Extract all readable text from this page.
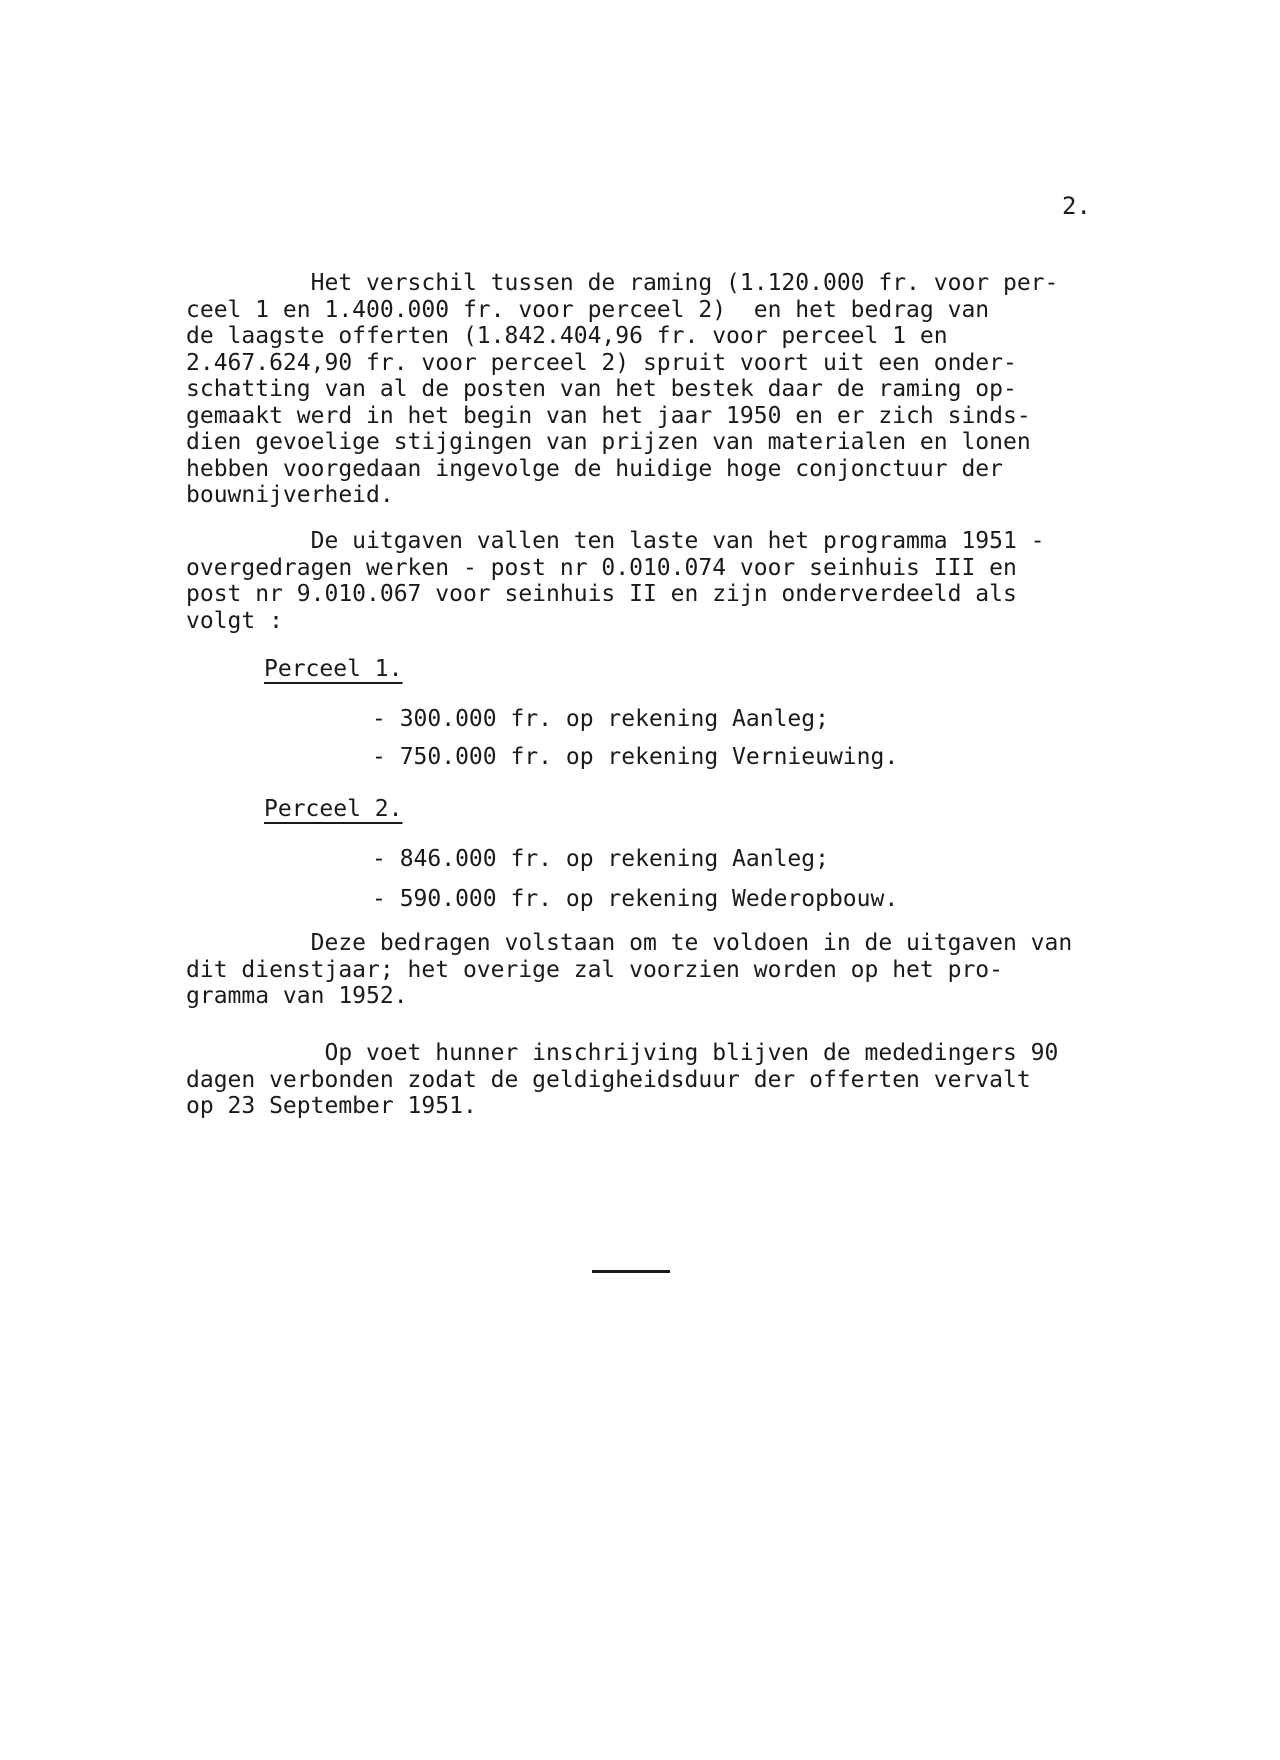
2.
Het verschil tussen de raming (1.120.000 fr. voor per-
ceel 1 en 1.400.000 fr. voor perceel 2)  en het bedrag van
de laagste offerten (1.842.404,96 fr. voor perceel 1 en
2.467.624,90 fr. voor perceel 2) spruit voort uit een onder-
schatting van al de posten van het bestek daar de raming op-
gemaakt werd in het begin van het jaar 1950 en er zich sinds-
dien gevoelige stijgingen van prijzen van materialen en lonen
hebben voorgedaan ingevolge de huidige hoge conjonctuur der
bouwnijverheid.
De uitgaven vallen ten laste van het programma 1951 -
overgedragen werken - post nr 0.010.074 voor seinhuis III en
post nr 9.010.067 voor seinhuis II en zijn onderverdeeld als
volgt :
Perceel 1.
- 300.000 fr. op rekening Aanleg;
- 750.000 fr. op rekening Vernieuwing.
Perceel 2.
- 846.000 fr. op rekening Aanleg;
- 590.000 fr. op rekening Wederopbouw.
Deze bedragen volstaan om te voldoen in de uitgaven van
dit dienstjaar; het overige zal voorzien worden op het pro-
gramma van 1952.
Op voet hunner inschrijving blijven de mededingers 90
dagen verbonden zodat de geldigheidsduur der offerten vervalt
op 23 September 1951.
